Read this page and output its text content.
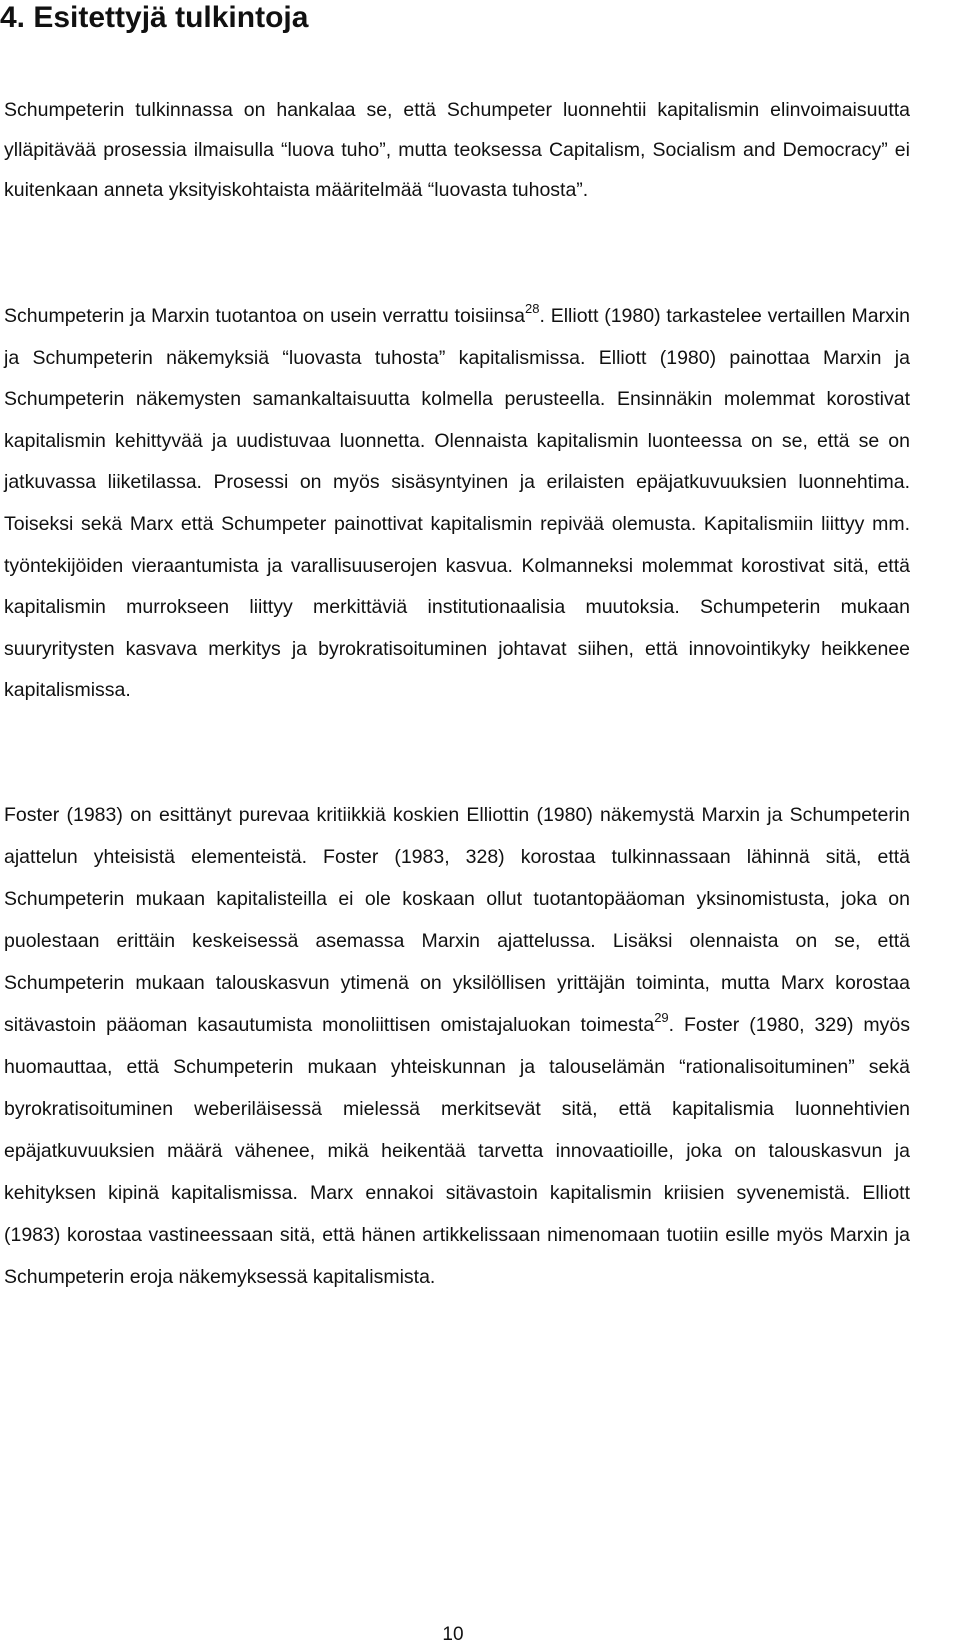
4. Esitettyjä tulkintoja

Schumpeterin tulkinnassa on hankalaa se, että Schumpeter luonnehtii kapitalismin elinvoimaisuutta ylläpitävää prosessia ilmaisulla “luova tuho”, mutta teoksessa Capitalism, Socialism and Democracy” ei kuitenkaan anneta yksityiskohtaista määritelmää “luovasta tuhosta”.

Schumpeterin ja Marxin tuotantoa on usein verrattu toisiinsa$^{28}$. Elliott (1980) tarkastelee vertaillen Marxin ja Schumpeterin näkemyksiä “luovasta tuhosta” kapitalismissa. Elliott (1980) painottaa Marxin ja Schumpeterin näkemysten samankaltaisuutta kolmella perusteella. Ensinnäkin molemmat korostivat kapitalismin kehittyvää ja uudistuvaa luonnetta. Olennaista kapitalismin luonteessa on se, että se on jatkuvassa liiketilassa. Prosessi on myös sisäsyntyinen ja erilaisten epäjatkuvuuksien luonnehtima. Toiseksi sekä Marx että Schumpeter painottivat kapitalismin repivää olemusta. Kapitalismiin liittyy mm. työntekijöiden vieraantumista ja varallisuuserojen kasvua. Kolmanneksi molemmat korostivat sitä, että kapitalismin murrokseen liittyy merkittäviä institutionaalisia muutoksia. Schumpeterin mukaan suuryritysten kasvava merkitys ja byrokratisoituminen johtavat siihen, että innovointikyky heikkenee kapitalismissa.

Foster (1983) on esittänyt purevaa kritiikkiä koskien Elliottin (1980) näkemystä Marxin ja Schumpeterin ajattelun yhteisistä elementeistä. Foster (1983, 328) korostaa tulkinnassaan lähinnä sitä, että Schumpeterin mukaan kapitalisteilla ei ole koskaan ollut tuotantopääoman yksinomistusta, joka on puolestaan erittäin keskeisessä asemassa Marxin ajattelussa. Lisäksi olennaista on se, että Schumpeterin mukaan talouskasvun ytimenä on yksilöllisen yrittäjän toiminta, mutta Marx korostaa sitävastoin pääoman kasautumista monoliittisen omistajaluokan toimesta$^{29}$. Foster (1980, 329) myös huomauttaa, että Schumpeterin mukaan yhteiskunnan ja talouselämän “rationalisoituminen” sekä byrokratisoituminen weberiläisessä mielessä merkitsevät sitä, että kapitalismia luonnehtivien epäjatkuvuuksien määrä vähenee, mikä heikentää tarvetta innovaatioille, joka on talouskasvun ja kehityksen kipinä kapitalismissa. Marx ennakoi sitävastoin kapitalismin kriisien syvenemistä. Elliott (1983) korostaa vastineessaan sitä, että hänen artikkelissaan nimenomaan tuotiin esille myös Marxin ja Schumpeterin eroja näkemyksessä kapitalismista.

10
